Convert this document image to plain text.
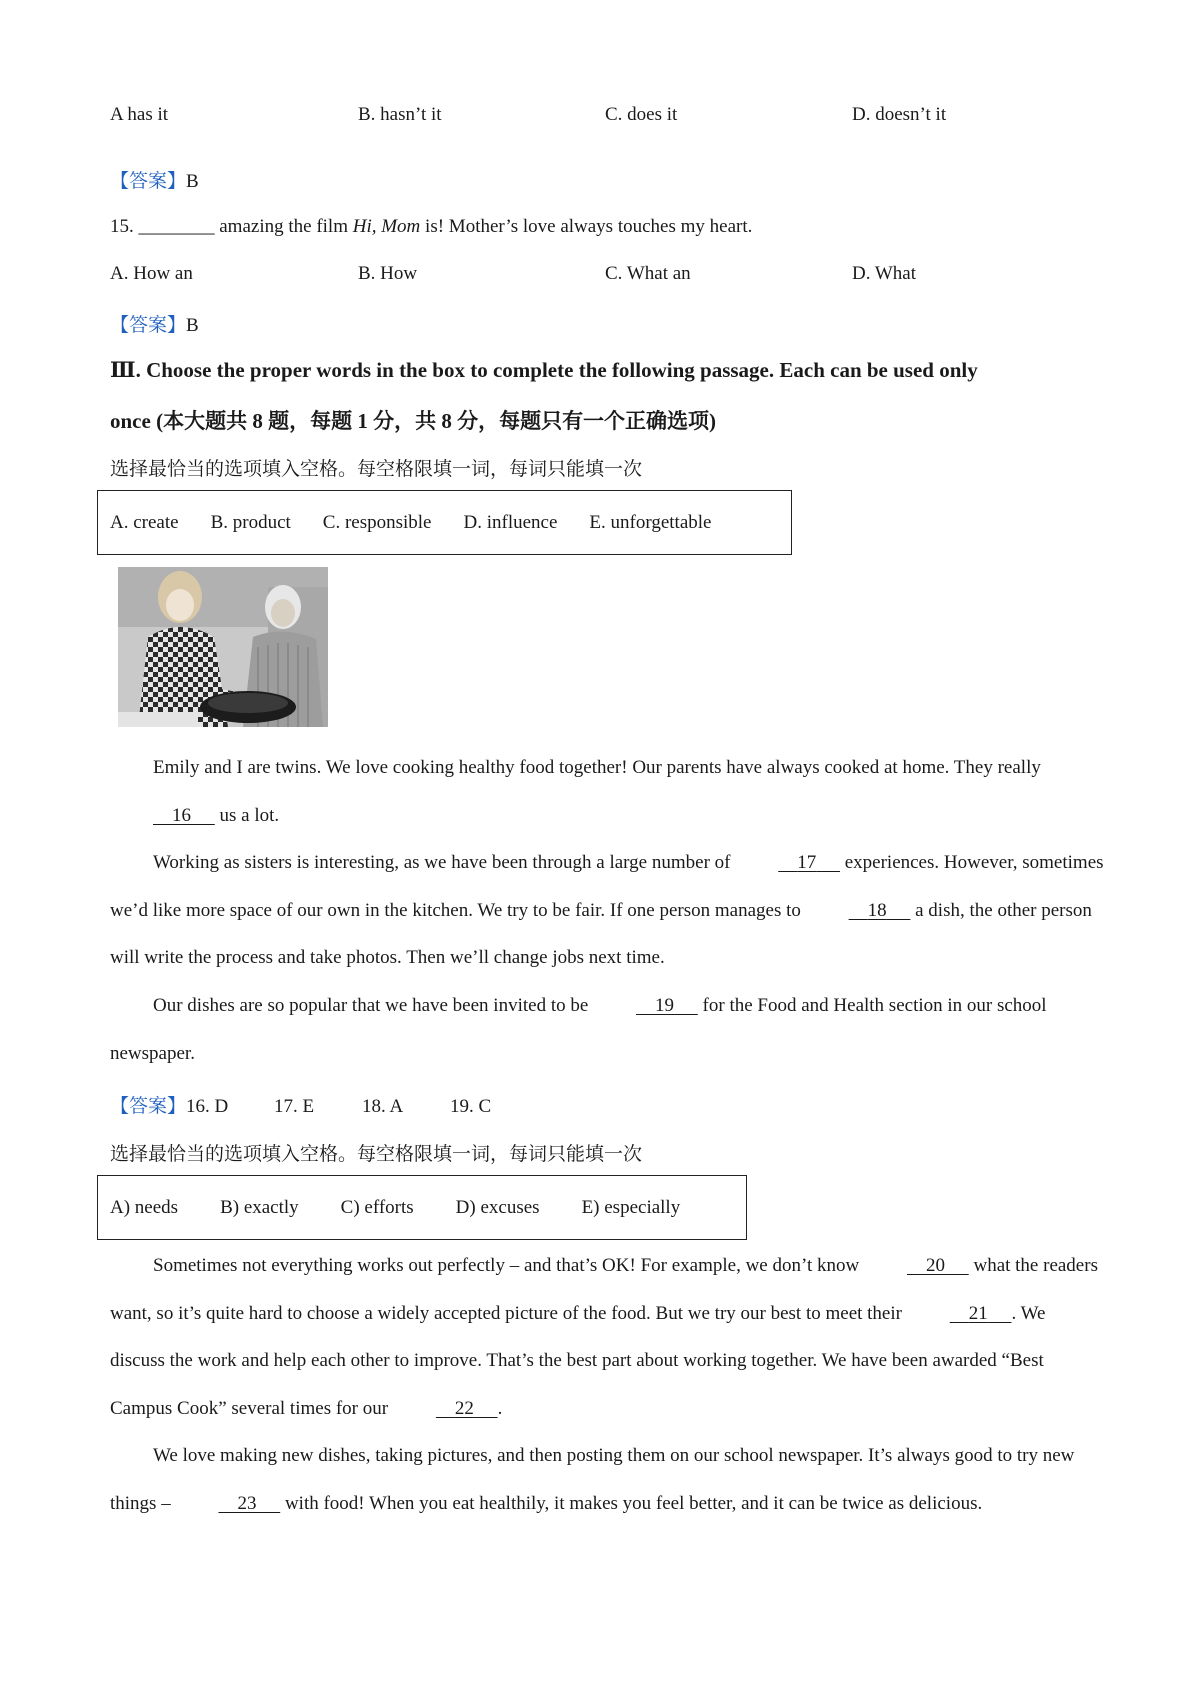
A has it	B. hasn’t it	C. does it	D. doesn’t it
【答案】B
15. ________ amazing the film Hi, Mom is! Mother’s love always touches my heart.
A. How an	B. How	C. What an	D. What
【答案】B
Ⅲ. Choose the proper words in the box to complete the following passage. Each can be used only
once (本大题共 8 题，每题 1 分，共 8 分，每题只有一个正确选项)
选择最恰当的选项填入空格。每空格限填一词，每词只能填一次
A. create B. product C. responsible D. influence E. unforgettable
Emily and I are twins. We love cooking healthy food together! Our parents have always cooked at home. They really     16      us a lot.
Working as sisters is interesting, as we have been through a large number of	17      experiences. However, sometimes we’d like more space of our own in the kitchen. We try to be fair. If one person manages to	18      a dish, the other person will write the process and take photos. Then we’ll change jobs next time.
Our dishes are so popular that we have been invited to be	19      for the Food and Health section in our school newspaper.
【答案】16. D 17. E	18. A 19. C
选择最恰当的选项填入空格。每空格限填一词，每词只能填一次
A) needs B) exactly C) efforts D) excuses E) especially
Sometimes not everything works out perfectly – and that’s OK! For example, we don’t know	20      what the readers want, so it’s quite hard to choose a widely accepted picture of the food. But we try our best to meet their	21 . We discuss the work and help each other to improve. That’s the best part about working together. We have been awarded “Best Campus Cook” several times for our	22 .
We love making new dishes, taking pictures, and then posting them on our school newspaper. It’s always good to try new things –	23      with food! When you eat healthily, it makes you feel better, and it can be twice as delicious.
